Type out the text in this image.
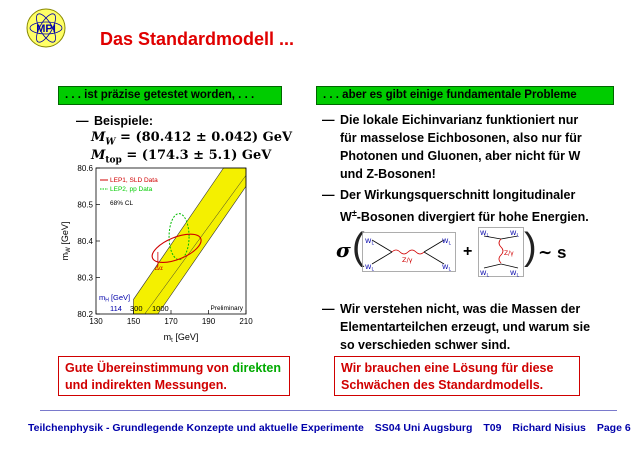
MPI Das Standardmodell ...
. . . ist präzise getestet worden, . . .
— Beispiele:
$M_W = (80.412 \pm 0.042)$ GeV
$M_{top} = (174.3 \pm 5.1)$ GeV
Δα
130	150	170	190	210
80.2
80.3
80.4
80.5
80.6
$m_t$ [GeV]
$m_W$ [GeV]
LEP1, SLD Data
LEP2, pp Data
68% CL
$m_H$ [GeV]
114 300 1000	Preliminary
Gute Übereinstimmung von direkten
und indirekten Messungen.
. . . aber es gibt einige fundamentale Probleme
— Die lokale Eichinvarianz funktioniert nur
für masselose Eichbosonen, also nur für
Photonen und Gluonen, aber nicht für W
und Z-Bosonen!
— Der Wirkungsquerschnitt longitudinaler
W±-Bosonen divergiert für hohe Energien.
σ ( $W_L$
$W_L$
$W_L$
$W_L$
Z/γ	+
$W_L$	$W_L$
$W_L$	$W_L$
Z/γ ) ∼ s
— Wir verstehen nicht, was die Massen der
Elementarteilchen erzeugt, und warum sie
so verschieden schwer sind.
Wir brauchen eine Lösung für diese
Schwächen des Standardmodells.
Teilchenphysik - Grundlegende Konzepte und aktuelle Experimente SS04 Uni Augsburg T09 Richard Nisius Page 6
